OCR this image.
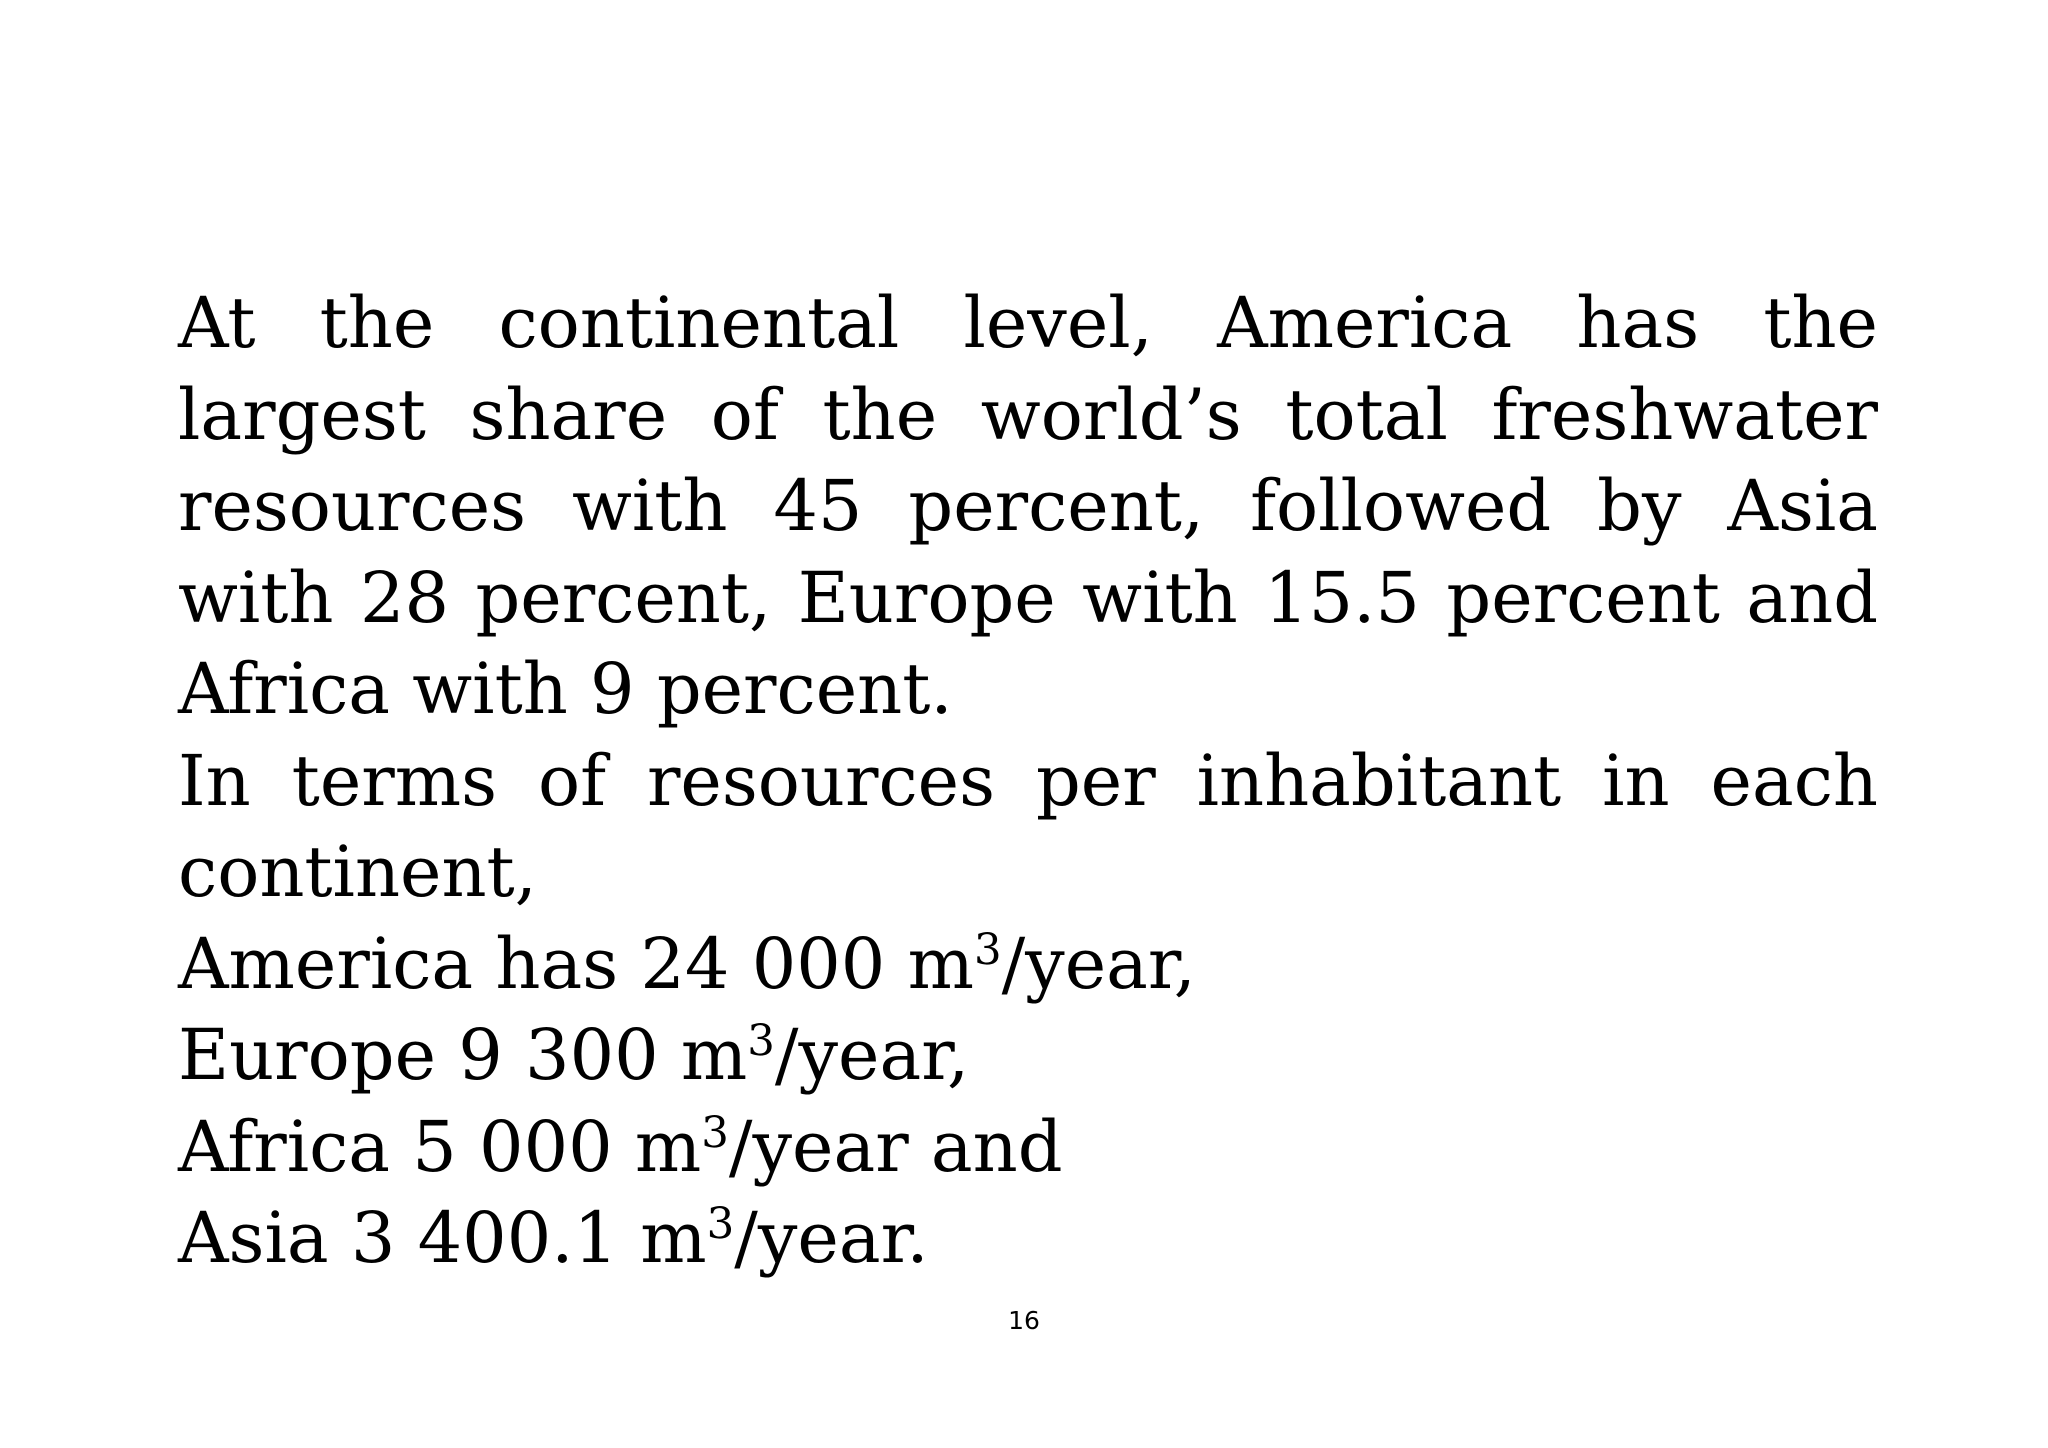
At the continental level, America has the largest share of the world’s total freshwater resources with 45 percent, followed by Asia with 28 percent, Europe with 15.5 percent and Africa with 9 percent.

In terms of resources per inhabitant in each continent,

America has 24 000 $m^3$/year,
Europe 9 300 $m^3$/year,
Africa 5 000 $m^3$/year and
Asia 3 400.1 $m^3$/year.
16
